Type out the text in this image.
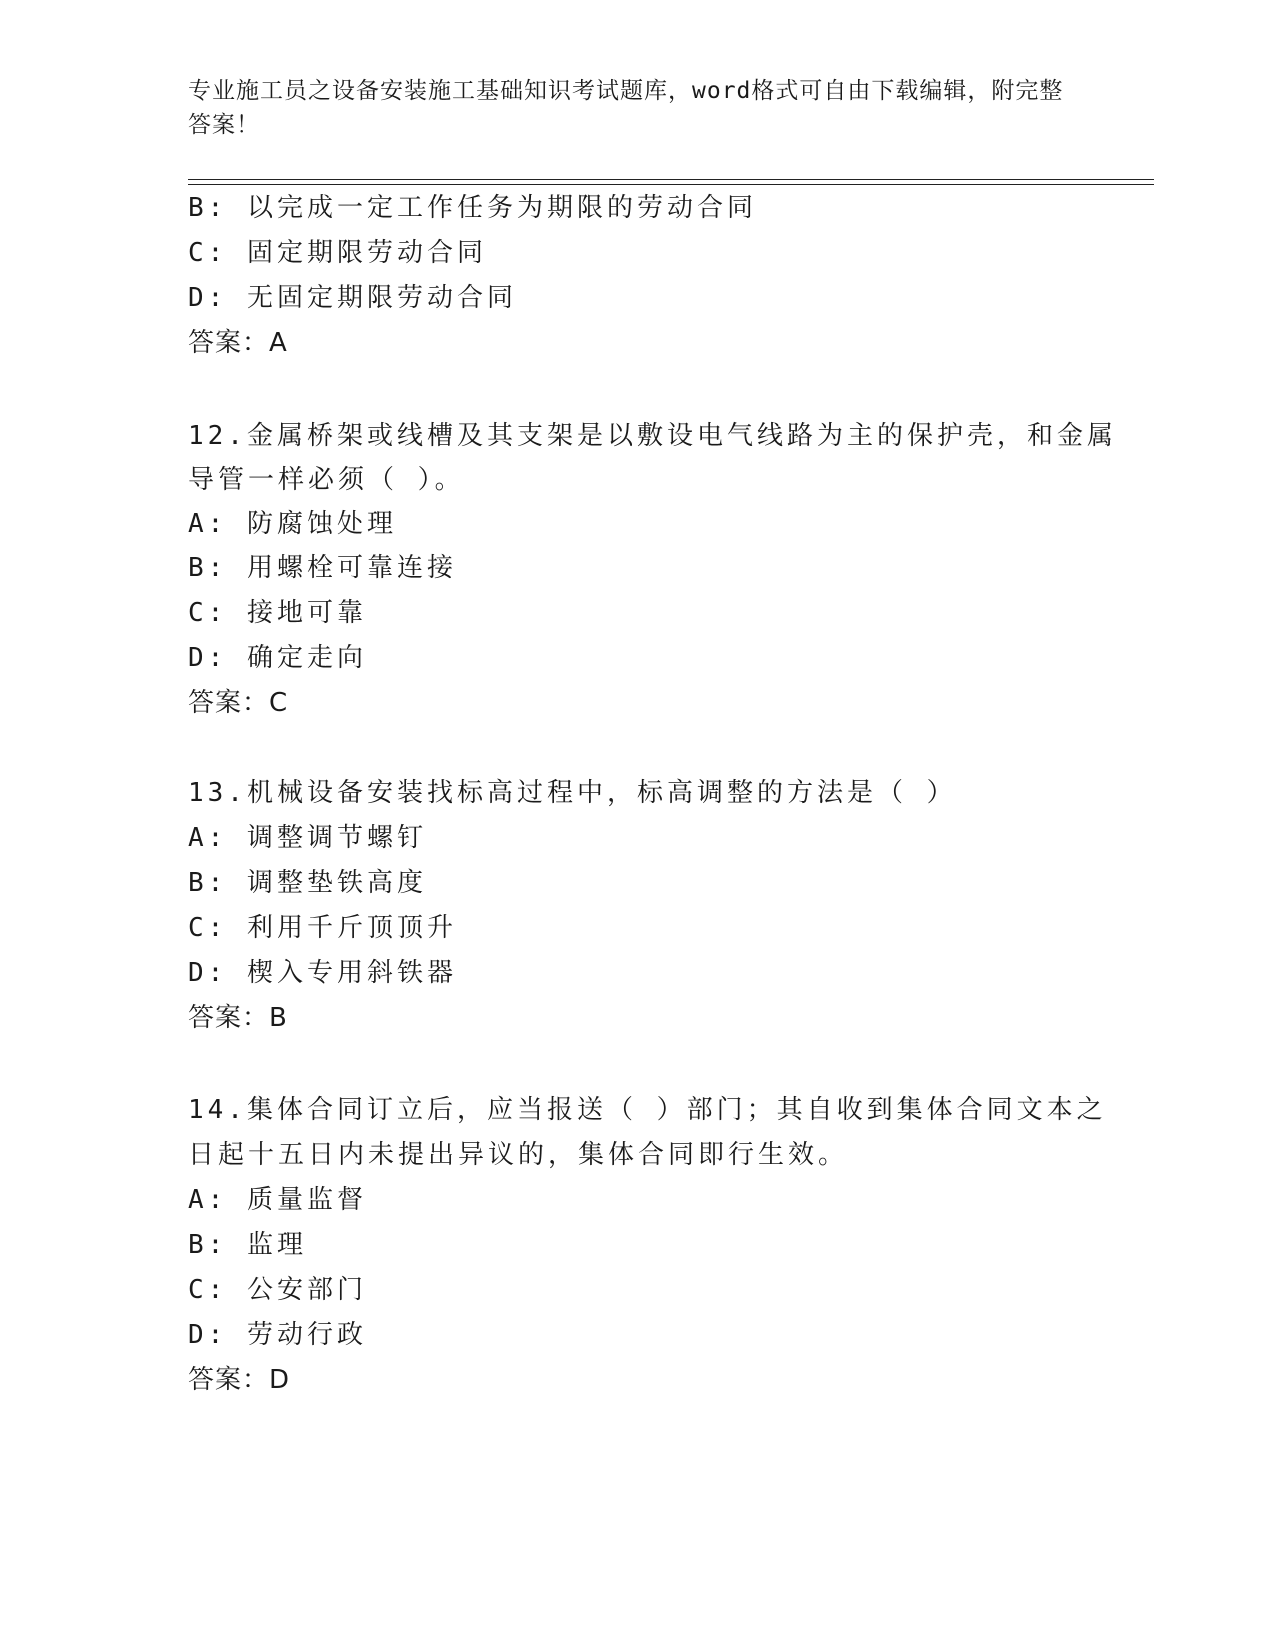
专业施工员之设备安装施工基础知识考试题库，word格式可自由下载编辑，附完整答案！
B: 以完成一定工作任务为期限的劳动合同
C: 固定期限劳动合同
D: 无固定期限劳动合同
答案：A
12.金属桥架或线槽及其支架是以敷设电气线路为主的保护壳，和金属
导管一样必须（ ）。
A: 防腐蚀处理
B: 用螺栓可靠连接
C: 接地可靠
D: 确定走向
答案：C
13.机械设备安装找标高过程中，标高调整的方法是（ ）
A: 调整调节螺钉
B: 调整垫铁高度
C: 利用千斤顶顶升
D: 楔入专用斜铁器
答案：B
14.集体合同订立后，应当报送（ ）部门；其自收到集体合同文本之
日起十五日内未提出异议的，集体合同即行生效。
A: 质量监督
B: 监理
C: 公安部门
D: 劳动行政
答案：D
